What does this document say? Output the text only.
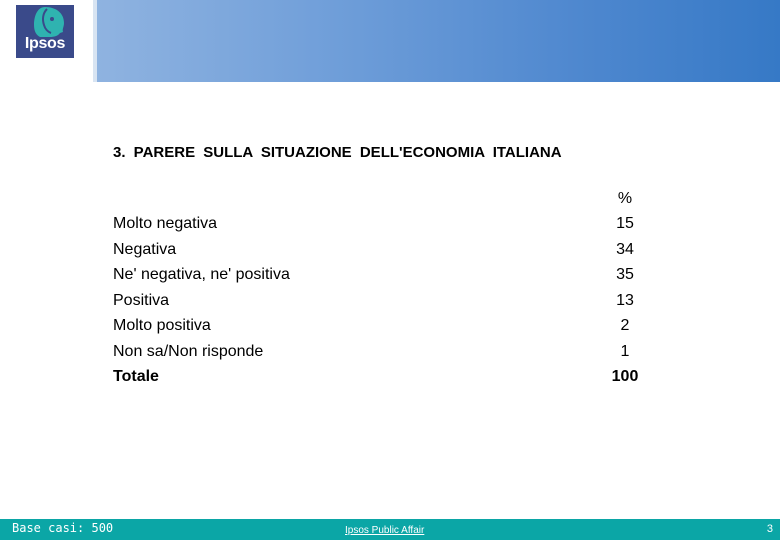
Ipsos
3. PARERE SULLA SITUAZIONE DELL'ECONOMIA ITALIANA
%
Molto negativa	15
Negativa	34
Ne' negativa, ne' positiva	35
Positiva	13
Molto positiva	2
Non sa/Non risponde	1
Totale	100
Base casi: 500	Ipsos Public Affair	3
